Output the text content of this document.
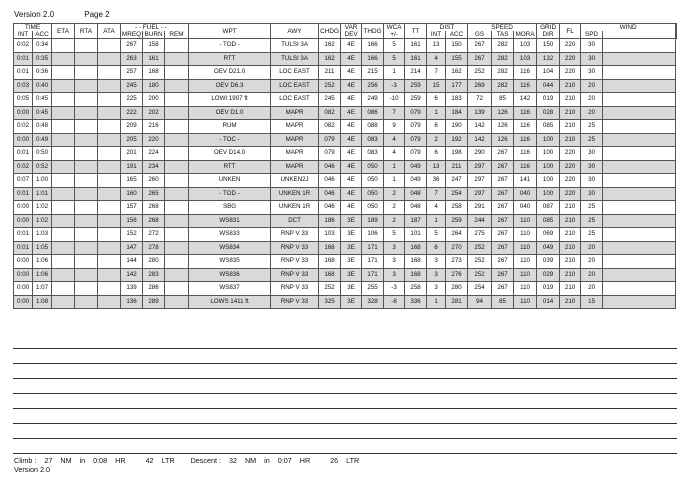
Version 2.0	Page 2
TIME		ETA	RTA	ATA	- - FUEL - -			WPT	AWY	CHDG	VAR	THDG	WCA	TT	DIST		SPEED			GRID	FL	WIND	
INT	ACC				MREQ	BURN	REM				DEV		+/-		INT	ACC	GS	TAS	MORA	DIR		SPD		
0:02	0:34				267	158		- TOD -	TULSI 3A	162	4E	166	5	161	13	150	267	282	103	150	220	30		
0:01	0:35				263	161		RTT	TULSI 3A	162	4E	166	5	161	4	155	267	282	103	132	220	30		
0:01	0:36				257	168		OEV D21.0	LOC EAST	211	4E	215	1	214	7	162	252	282	116	104	220	30		
0:03	0:40				245	180		OEV D6.3	LOC EAST	252	4E	256	-3	259	15	177	269	282	116	044	210	20		
0:05	0:45				225	200		LOWI 1907 ft	LOC EAST	245	4E	249	-10	259	6	183	72	85	142	019	210	20		
0:00	0:45				222	202		OEV D1.0	MAPR	082	4E	086	7	079	1	184	139	126	116	028	210	20		
0:02	0:48				209	216		RUM	MAPR	082	4E	088	9	079	6	190	142	126	116	085	210	25		
0:00	0:49				205	220		- TOC -	MAPR	079	4E	083	4	079	2	192	142	126	116	100	210	25		
0:01	0:50				201	224		OEV D14.0	MAPR	079	4E	083	4	079	6	198	290	267	116	100	220	30		
0:02	0:52				191	234		RTT	MAPR	046	4E	050	1	049	13	211	297	267	116	100	220	30		
0:07	1:00				165	260		UNKEN	UNKEN2J	046	4E	050	1	049	36	247	297	267	141	100	220	30		
0:01	1:01				160	265		- TOD -	UNKEN 1R	046	4E	050	2	048	7	254	297	267	040	100	220	30		
0:00	1:02				157	268		SBG	UNKEN 1R	046	4E	050	2	048	4	258	291	267	040	087	210	25		
0:00	1:02				156	268		WS831	DCT	186	3E	189	2	187	1	259	244	267	110	085	210	25		
0:01	1:03				152	272		WS833	RNP V 33	103	3E	106	5	101	5	264	275	267	110	069	210	25		
0:01	1:05				147	278		WS834	RNP V 33	168	3E	171	3	168	6	270	252	267	110	049	210	20		
0:00	1:06				144	280		WS835	RNP V 33	168	3E	171	3	168	3	273	252	267	110	039	210	20		
0:00	1:06				142	283		WS836	RNP V 33	168	3E	171	3	168	3	276	252	267	110	029	210	20		
0:00	1:07				139	286		WS837	RNP V 33	252	3E	255	-3	258	3	280	254	267	110	019	210	20		
0:00	1:08				136	289		LOWS 1411 ft	RNP V 33	325	3E	328	-8	336	1	281	94	85	110	014	210	15		
Climb : 27 NM in 0:08 HR	42 LTR Descent : 32 NM in 0:07 HR	26 LTR
Version 2.0
